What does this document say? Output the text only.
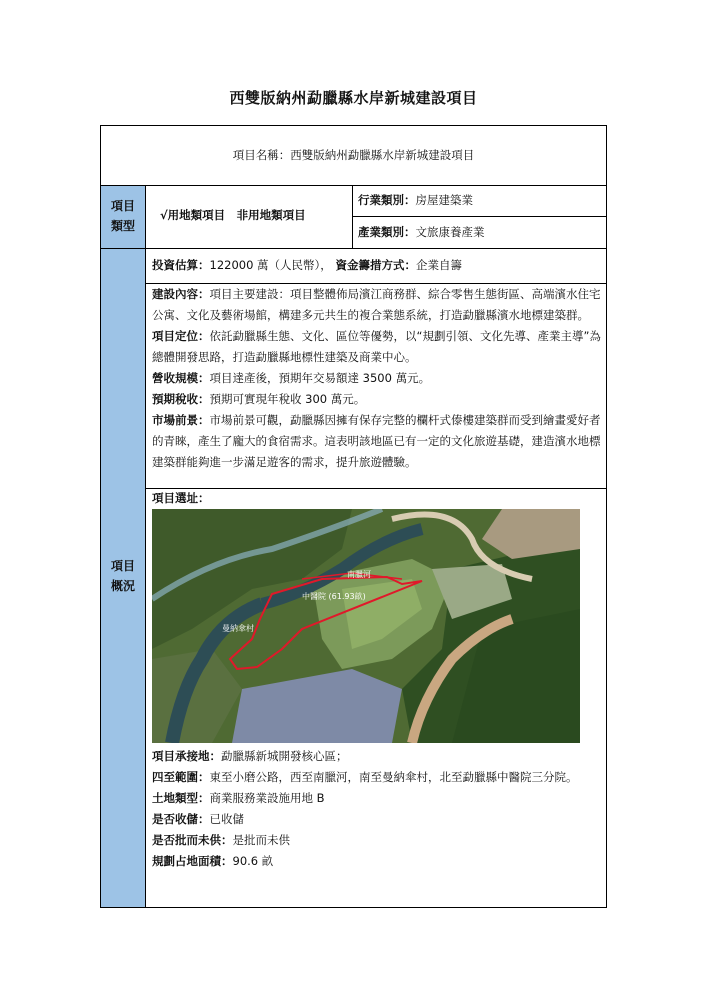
西雙版納州勐臘縣水岸新城建設項目
項目名稱：西雙版納州勐臘縣水岸新城建設項目
項目
類型
√用地類項目　非用地類項目
行業類別：房屋建築業
產業類別：文旅康養產業
項目
概況
投資估算：122000 萬（人民幣）， 資金籌措方式：企業自籌
建設內容：項目主要建設：項目整體佈局濱江商務群、綜合零售生態街區、高端濱水住宅公寓、文化及藝術場館，構建多元共生的複合業態系統，打造勐臘縣濱水地標建築群。
項目定位：依託勐臘縣生態、文化、區位等優勢，以“規劃引領、文化先導、產業主導”為總體開發思路，打造勐臘縣地標性建築及商業中心。
營收規模：項目達產後，預期年交易額達 3500 萬元。
預期稅收：預期可實現年稅收 300 萬元。
市場前景：市場前景可觀，勐臘縣因擁有保存完整的欄杆式傣樓建築群而受到繪畫愛好者的青睞，產生了龐大的食宿需求。這表明該地區已有一定的文化旅遊基礎，建造濱水地標建築群能夠進一步滿足遊客的需求，提升旅遊體驗。
項目選址：
曼納傘村
中醫院 (61.93畝)
南臘河
項目承接地：勐臘縣新城開發核心區；
四至範圍：東至小磨公路，西至南臘河，南至曼納傘村，北至勐臘縣中醫院三分院。
土地類型：商業服務業設施用地 B
是否收儲：已收儲
是否批而未供：是批而未供
規劃占地面積：90.6 畝
